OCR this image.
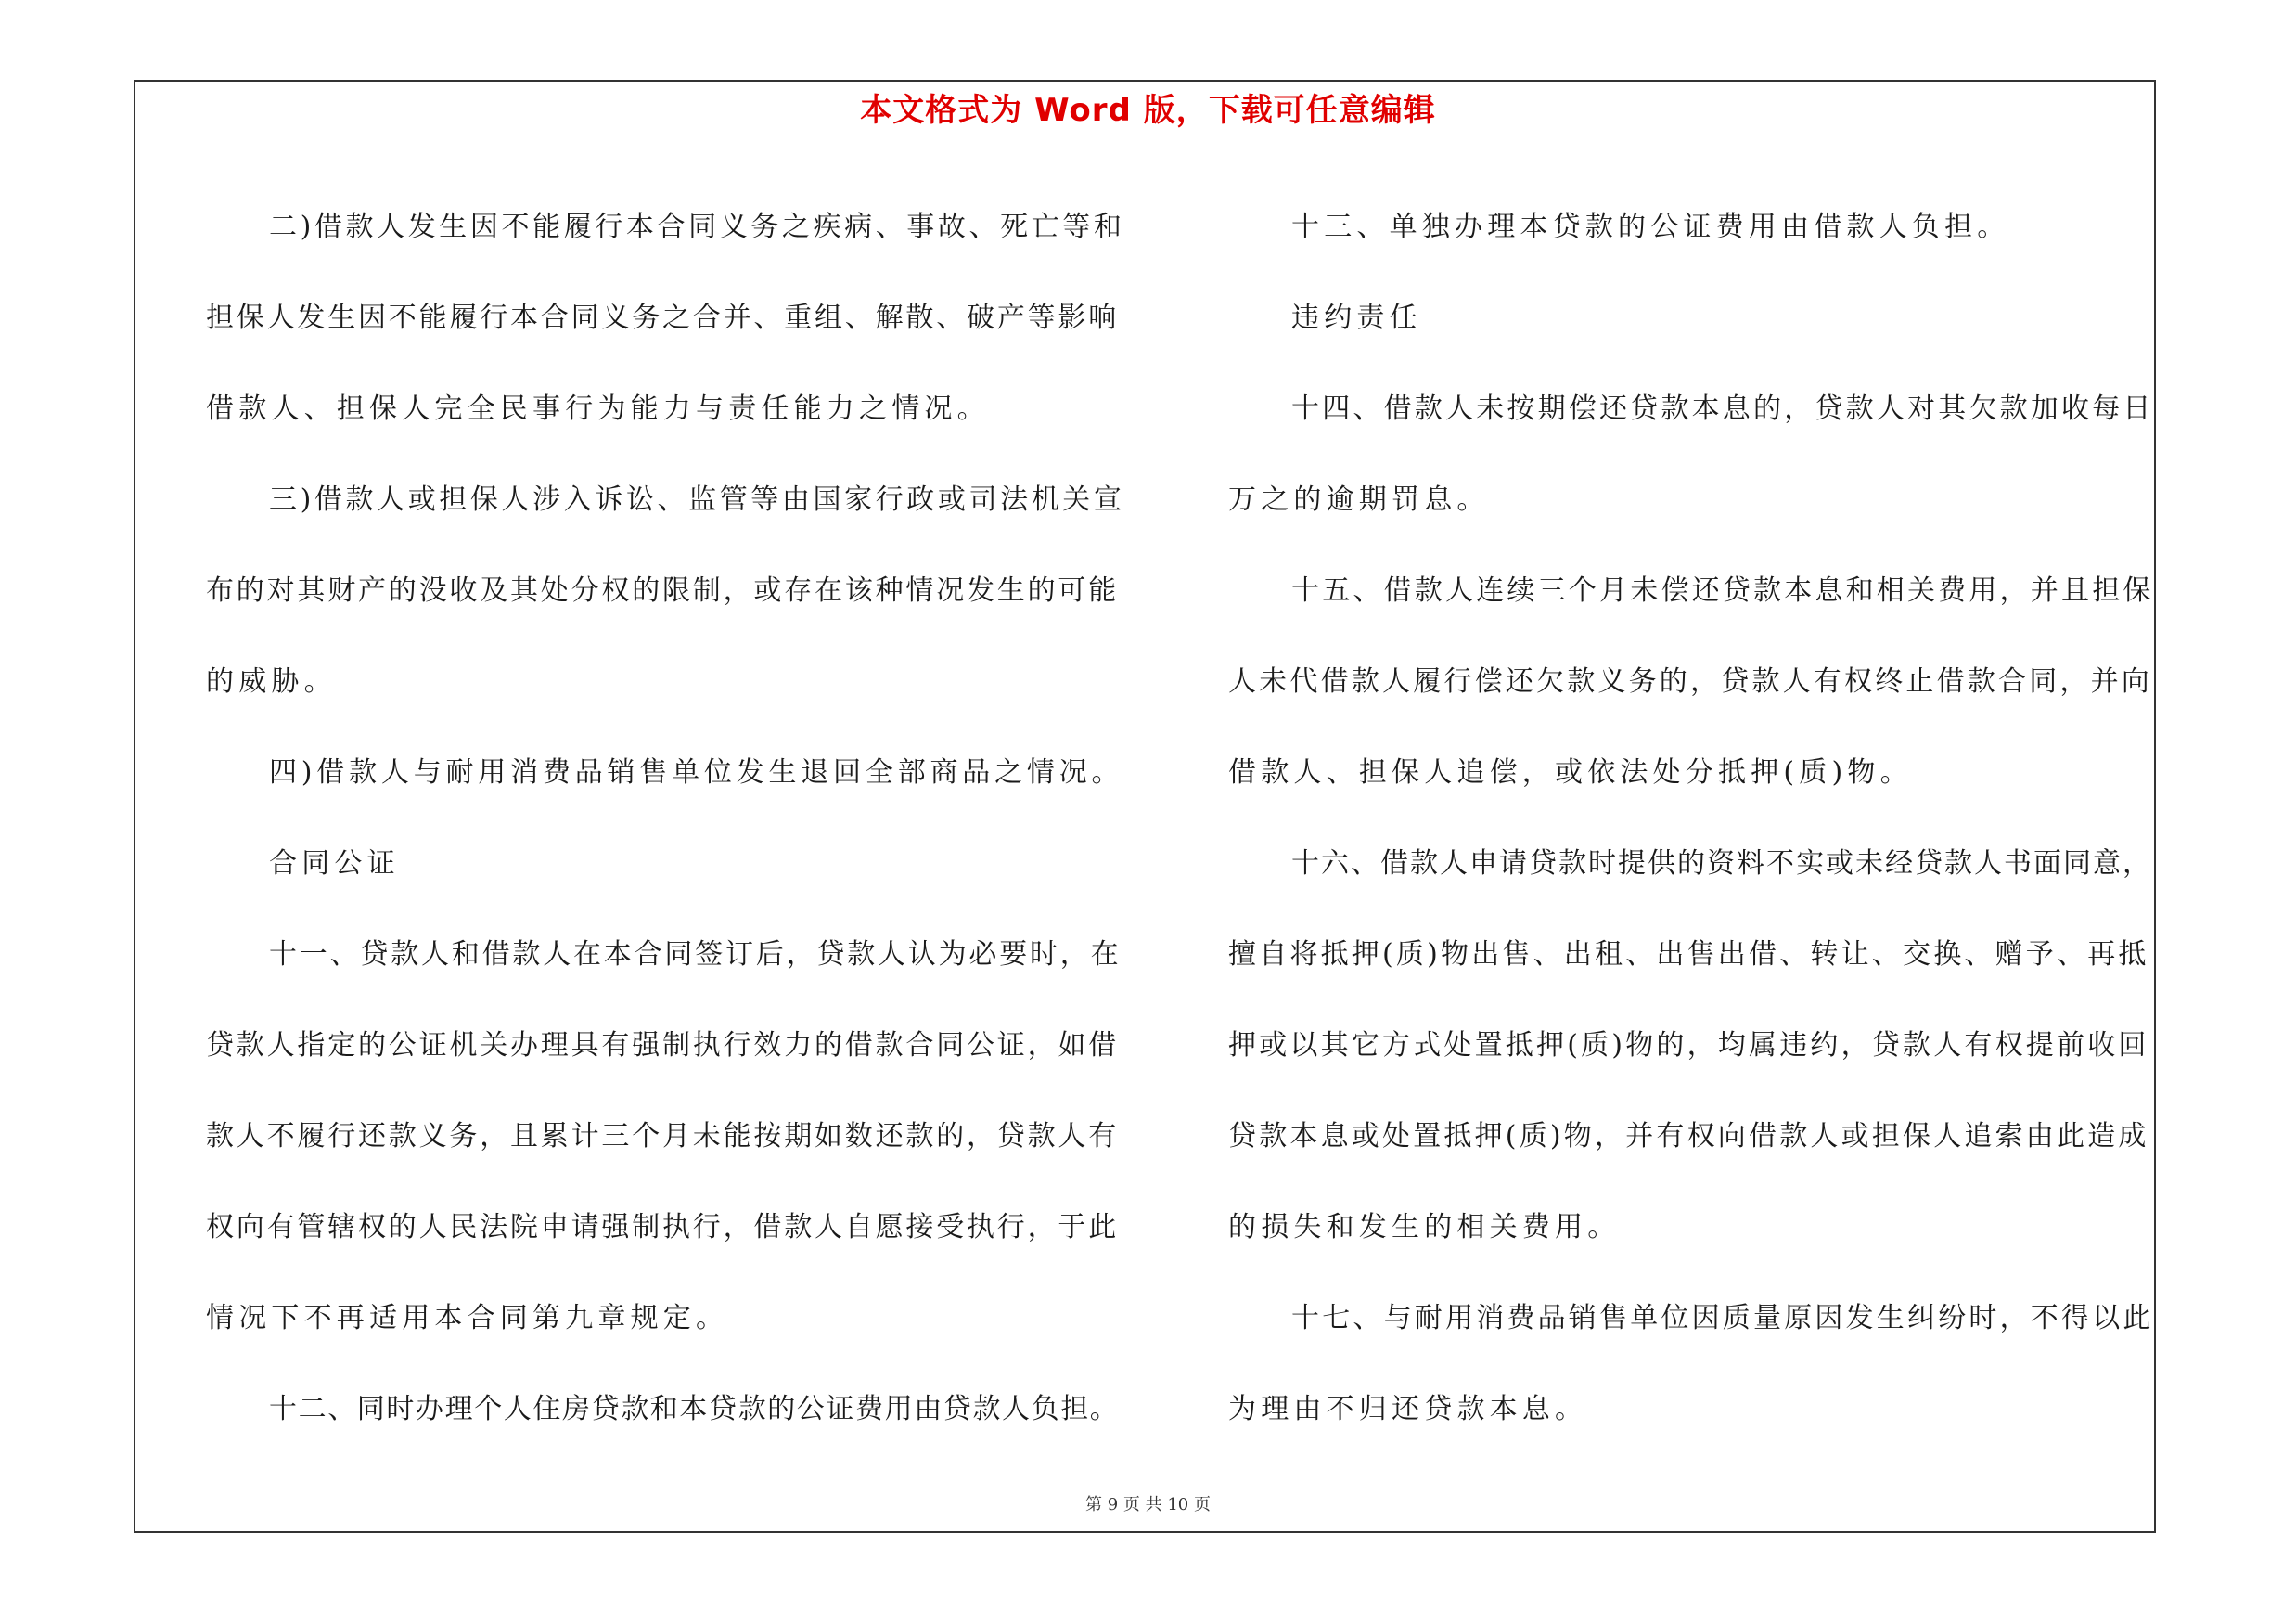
本文格式为 Word 版，下载可任意编辑
二)借款人发生因不能履行本合同义务之疾病、事故、死亡等和
担保人发生因不能履行本合同义务之合并、重组、解散、破产等影响
借款人、担保人完全民事行为能力与责任能力之情况。
三)借款人或担保人涉入诉讼、监管等由国家行政或司法机关宣
布的对其财产的没收及其处分权的限制，或存在该种情况发生的可能
的威胁。
四)借款人与耐用消费品销售单位发生退回全部商品之情况。
合同公证
十一、贷款人和借款人在本合同签订后，贷款人认为必要时，在
贷款人指定的公证机关办理具有强制执行效力的借款合同公证，如借
款人不履行还款义务，且累计三个月未能按期如数还款的，贷款人有
权向有管辖权的人民法院申请强制执行，借款人自愿接受执行，于此
情况下不再适用本合同第九章规定。
十二、同时办理个人住房贷款和本贷款的公证费用由贷款人负担。
十三、单独办理本贷款的公证费用由借款人负担。
违约责任
十四、借款人未按期偿还贷款本息的，贷款人对其欠款加收每日
万之的逾期罚息。
十五、借款人连续三个月未偿还贷款本息和相关费用，并且担保
人未代借款人履行偿还欠款义务的，贷款人有权终止借款合同，并向
借款人、担保人追偿，或依法处分抵押(质)物。
十六、借款人申请贷款时提供的资料不实或未经贷款人书面同意，
擅自将抵押(质)物出售、出租、出售出借、转让、交换、赠予、再抵
押或以其它方式处置抵押(质)物的，均属违约，贷款人有权提前收回
贷款本息或处置抵押(质)物，并有权向借款人或担保人追索由此造成
的损失和发生的相关费用。
十七、与耐用消费品销售单位因质量原因发生纠纷时，不得以此
为理由不归还贷款本息。
第 9 页 共 10 页
